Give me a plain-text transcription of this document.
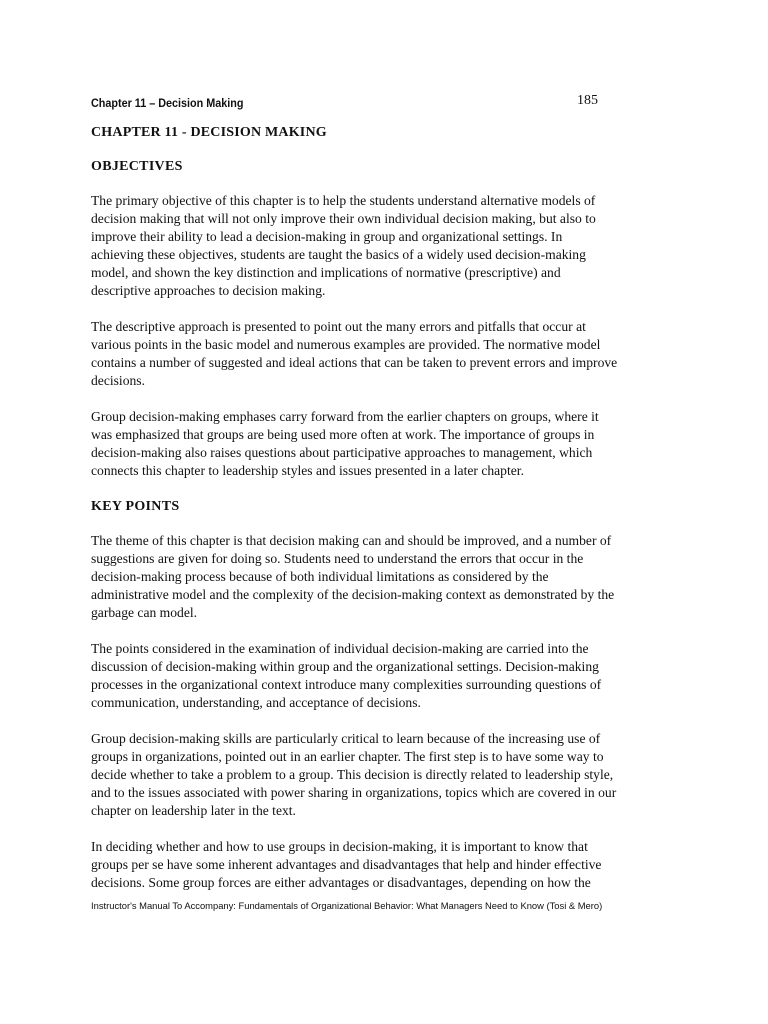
Chapter 11 – Decision Making	185
CHAPTER 11 - DECISION MAKING
OBJECTIVES

The primary objective of this chapter is to help the students understand alternative models of
decision making that will not only improve their own individual decision making, but also to
improve their ability to lead a decision-making in group and organizational settings. In
achieving these objectives, students are taught the basics of a widely used decision-making
model, and shown the key distinction and implications of normative (prescriptive) and
descriptive approaches to decision making.

The descriptive approach is presented to point out the many errors and pitfalls that occur at
various points in the basic model and numerous examples are provided. The normative model
contains a number of suggested and ideal actions that can be taken to prevent errors and improve
decisions.

Group decision-making emphases carry forward from the earlier chapters on groups, where it
was emphasized that groups are being used more often at work. The importance of groups in
decision-making also raises questions about participative approaches to management, which
connects this chapter to leadership styles and issues presented in a later chapter.

KEY POINTS

The theme of this chapter is that decision making can and should be improved, and a number of
suggestions are given for doing so. Students need to understand the errors that occur in the
decision-making process because of both individual limitations as considered by the
administrative model and the complexity of the decision-making context as demonstrated by the
garbage can model.

The points considered in the examination of individual decision-making are carried into the
discussion of decision-making within group and the organizational settings. Decision-making
processes in the organizational context introduce many complexities surrounding questions of
communication, understanding, and acceptance of decisions.

Group decision-making skills are particularly critical to learn because of the increasing use of
groups in organizations, pointed out in an earlier chapter. The first step is to have some way to
decide whether to take a problem to a group. This decision is directly related to leadership style,
and to the issues associated with power sharing in organizations, topics which are covered in our
chapter on leadership later in the text.

In deciding whether and how to use groups in decision-making, it is important to know that
groups per se have some inherent advantages and disadvantages that help and hinder effective
decisions. Some group forces are either advantages or disadvantages, depending on how the

Instructor's Manual To Accompany: Fundamentals of Organizational Behavior: What Managers Need to Know (Tosi & Mero)
